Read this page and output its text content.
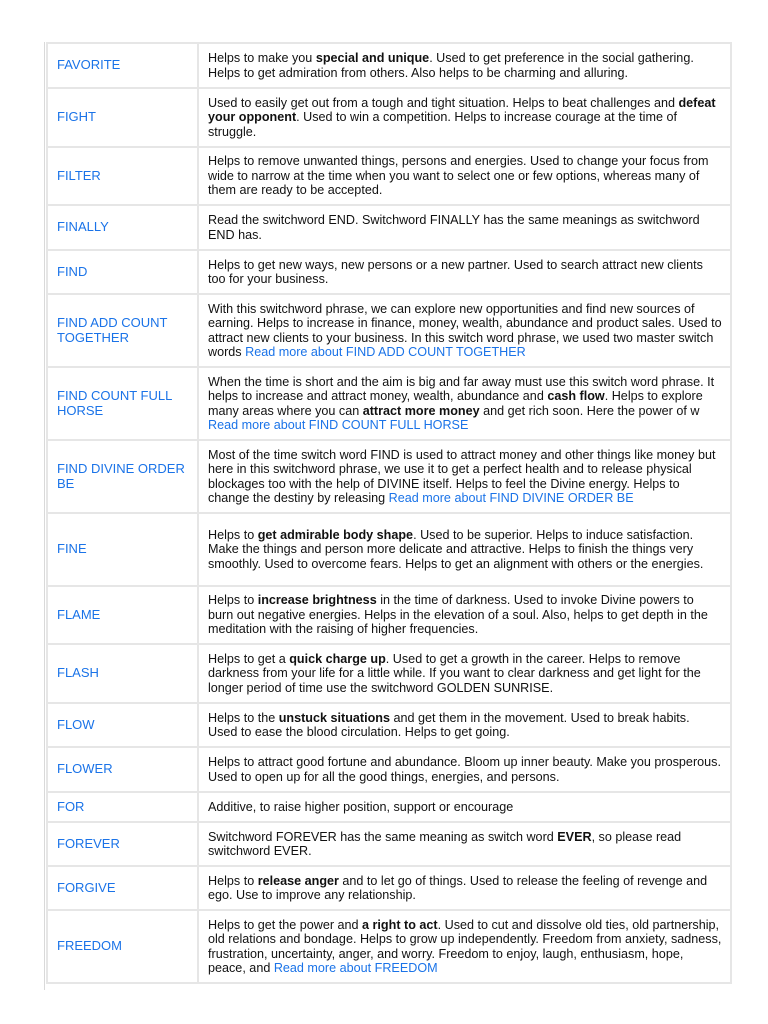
FAVORITE	Helps to make you special and unique. Used to get preference in the social gathering. Helps to get admiration from others. Also helps to be charming and alluring.

FIGHT	Used to easily get out from a tough and tight situation. Helps to beat challenges and defeat your opponent. Used to win a competition. Helps to increase courage at the time of struggle.

FILTER	Helps to remove unwanted things, persons and energies. Used to change your focus from wide to narrow at the time when you want to select one or few options, whereas many of them are ready to be accepted.

FINALLY	Read the switchword END. Switchword FINALLY has the same meanings as switchword END has.

FIND	Helps to get new ways, new persons or a new partner. Used to search attract new clients too for your business.

FIND ADD COUNT TOGETHER	With this switchword phrase, we can explore new opportunities and find new sources of earning. Helps to increase in finance, money, wealth, abundance and product sales. Used to attract new clients to your business. In this switch word phrase, we used two master switch words Read more about FIND ADD COUNT TOGETHER

FIND COUNT FULL HORSE	When the time is short and the aim is big and far away must use this switch word phrase. It helps to increase and attract money, wealth, abundance and cash flow. Helps to explore many areas where you can attract more money and get rich soon. Here the power of w Read more about FIND COUNT FULL HORSE

FIND DIVINE ORDER BE	Most of the time switch word FIND is used to attract money and other things like money but here in this switchword phrase, we use it to get a perfect health and to release physical blockages too with the help of DIVINE itself. Helps to feel the Divine energy. Helps to change the destiny by releasing Read more about FIND DIVINE ORDER BE

FINE	Helps to get admirable body shape. Used to be superior. Helps to induce satisfaction. Make the things and person more delicate and attractive. Helps to finish the things very smoothly. Used to overcome fears. Helps to get an alignment with others or the energies.

FLAME	Helps to increase brightness in the time of darkness. Used to invoke Divine powers to burn out negative energies. Helps in the elevation of a soul. Also, helps to get depth in the meditation with the raising of higher frequencies.

FLASH	Helps to get a quick charge up. Used to get a growth in the career. Helps to remove darkness from your life for a little while. If you want to clear darkness and get light for the longer period of time use the switchword GOLDEN SUNRISE.

FLOW	Helps to the unstuck situations and get them in the movement. Used to break habits. Used to ease the blood circulation. Helps to get going.

FLOWER	Helps to attract good fortune and abundance. Bloom up inner beauty. Make you prosperous. Used to open up for all the good things, energies, and persons.

FOR	Additive, to raise higher position, support or encourage

FOREVER	Switchword FOREVER has the same meaning as switch word EVER, so please read switchword EVER.

FORGIVE	Helps to release anger and to let go of things. Used to release the feeling of revenge and ego. Use to improve any relationship.

FREEDOM	Helps to get the power and a right to act. Used to cut and dissolve old ties, old partnership, old relations and bondage. Helps to grow up independently. Freedom from anxiety, sadness, frustration, uncertainty, anger, and worry. Freedom to enjoy, laugh, enthusiasm, hope, peace, and Read more about FREEDOM
